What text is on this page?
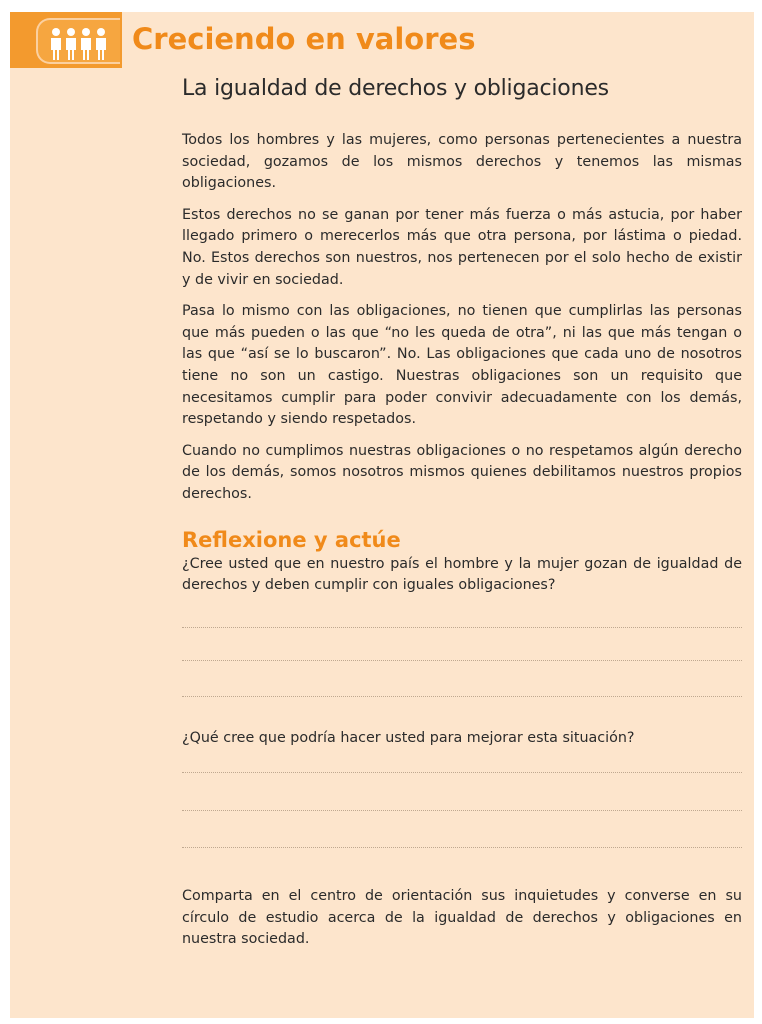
Creciendo en valores
La igualdad de derechos y obligaciones

Todos los hombres y las mujeres, como personas pertenecientes a nuestra sociedad, gozamos de los mismos derechos y tenemos las mismas obligaciones.

Estos derechos no se ganan por tener más fuerza o más astucia, por haber llegado primero o merecerlos más que otra persona, por lástima o piedad. No. Estos derechos son nuestros, nos pertenecen por el solo hecho de existir y de vivir en sociedad.

Pasa lo mismo con las obligaciones, no tienen que cumplirlas las personas que más pueden o las que “no les queda de otra”, ni las que más tengan o las que “así se lo buscaron”. No. Las obligaciones que cada uno de nosotros tiene no son un castigo. Nuestras obligaciones son un requisito que necesitamos cumplir para poder convivir adecuadamente con los demás, respetando y siendo respetados.

Cuando no cumplimos nuestras obligaciones o no respetamos algún derecho de los demás, somos nosotros mismos quienes debilitamos nuestros propios derechos.

Reflexione y actúe

¿Cree usted que en nuestro país el hombre y la mujer gozan de igualdad de derechos y deben cumplir con iguales obligaciones?

¿Qué cree que podría hacer usted para mejorar esta situación?

Comparta en el centro de orientación sus inquietudes y converse en su círculo de estudio acerca de la igualdad de derechos y obligaciones en nuestra sociedad.
